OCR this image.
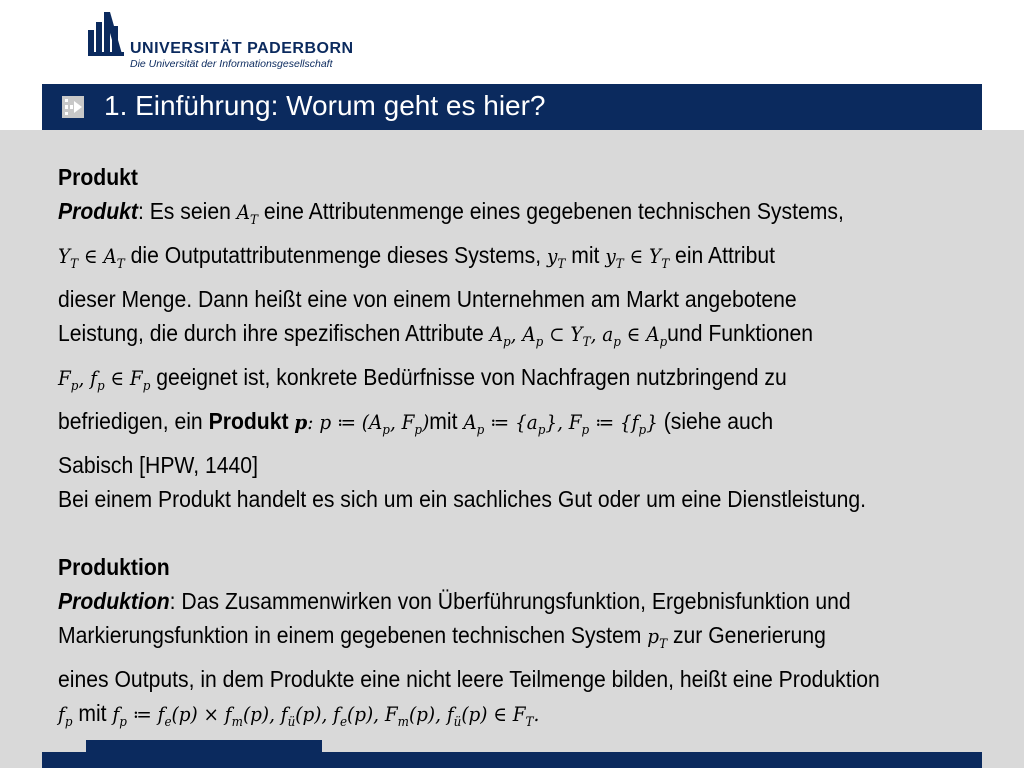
UNIVERSITÄT PADERBORN
Die Universität der Informationsgesellschaft
1. Einführung: Worum geht es hier?

Produkt

Produkt: Es seien $A_T$ eine Attributenmenge eines gegebenen technischen Systems,

$Y_T$ ∈ $A_T$ die Outputattributenmenge dieses Systems, $y_T$ mit $y_T$ ∈ $Y_T$ ein Attribut

dieser Menge. Dann heißt eine von einem Unternehmen am Markt angebotene

Leistung, die durch ihre spezifischen Attribute $A_p$, $A_p$ ⊂ $Y_T$, $a_p$ ∈ $A_pund$ Funktionen

$F_p$, $f_p$ ∈ $F_p$ geeignet ist, konkrete Bedürfnisse von Nachfragen nutzbringend zu

befriedigen, ein Produkt p: p ≔ ($A_p$, $F_p)mit$ $A_p$ ≔ $\{a_p\}$, $F_p$ ≔ $\{f_p\}$ (siehe auch

Sabisch [HPW, 1440]

Bei einem Produkt handelt es sich um ein sachliches Gut oder um eine Dienstleistung.

Produktion

Produktion: Das Zusammenwirken von Überführungsfunktion, Ergebnisfunktion und

Markierungsfunktion in einem gegebenen technischen System $p_T$ zur Generierung

eines Outputs, in dem Produkte eine nicht leere Teilmenge bilden, heißt eine Produktion

$f_p$ mit $f_p$ ≔ $f_e(p) \times f_m(p)$, $f_ü(p)$, $f_e(p)$, $F_m(p)$, $f_ü(p)$ ∈ $F_T$.
